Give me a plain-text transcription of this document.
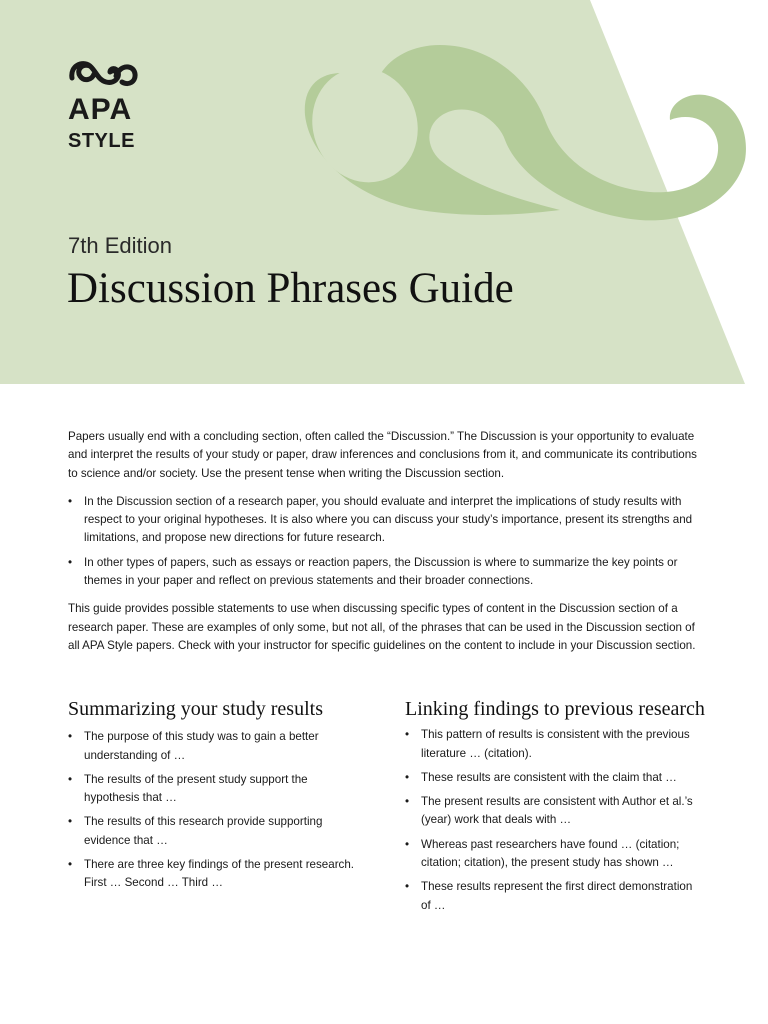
APA
STYLE
7th Edition
Discussion Phrases Guide

Papers usually end with a concluding section, often called the “Discussion.” The Discussion is your opportunity to evaluate and interpret the results of your study or paper, draw inferences and conclusions from it, and communicate its contributions to science and/or society. Use the present tense when writing the Discussion section.

• In the Discussion section of a research paper, you should evaluate and interpret the implications of study results with respect to your original hypotheses. It is also where you can discuss your study’s importance, present its strengths and limitations, and propose new directions for future research.
• In other types of papers, such as essays or reaction papers, the Discussion is where to summarize the key points or themes in your paper and reflect on previous statements and their broader connections.

This guide provides possible statements to use when discussing specific types of content in the Discussion section of a research paper. These are examples of only some, but not all, of the phrases that can be used in the Discussion section of all APA Style papers. Check with your instructor for specific guidelines on the content to include in your Discussion section.

Summarizing your study results
• The purpose of this study was to gain a better understanding of …
• The results of the present study support the hypothesis that …
• The results of this research provide supporting evidence that …
• There are three key findings of the present research. First … Second … Third …
Linking findings to previous research
• This pattern of results is consistent with the previous literature … (citation).
• These results are consistent with the claim that …
• The present results are consistent with Author et al.’s (year) work that deals with …
• Whereas past researchers have found … (citation; citation; citation), the present study has shown …
• These results represent the first direct demonstration of …
